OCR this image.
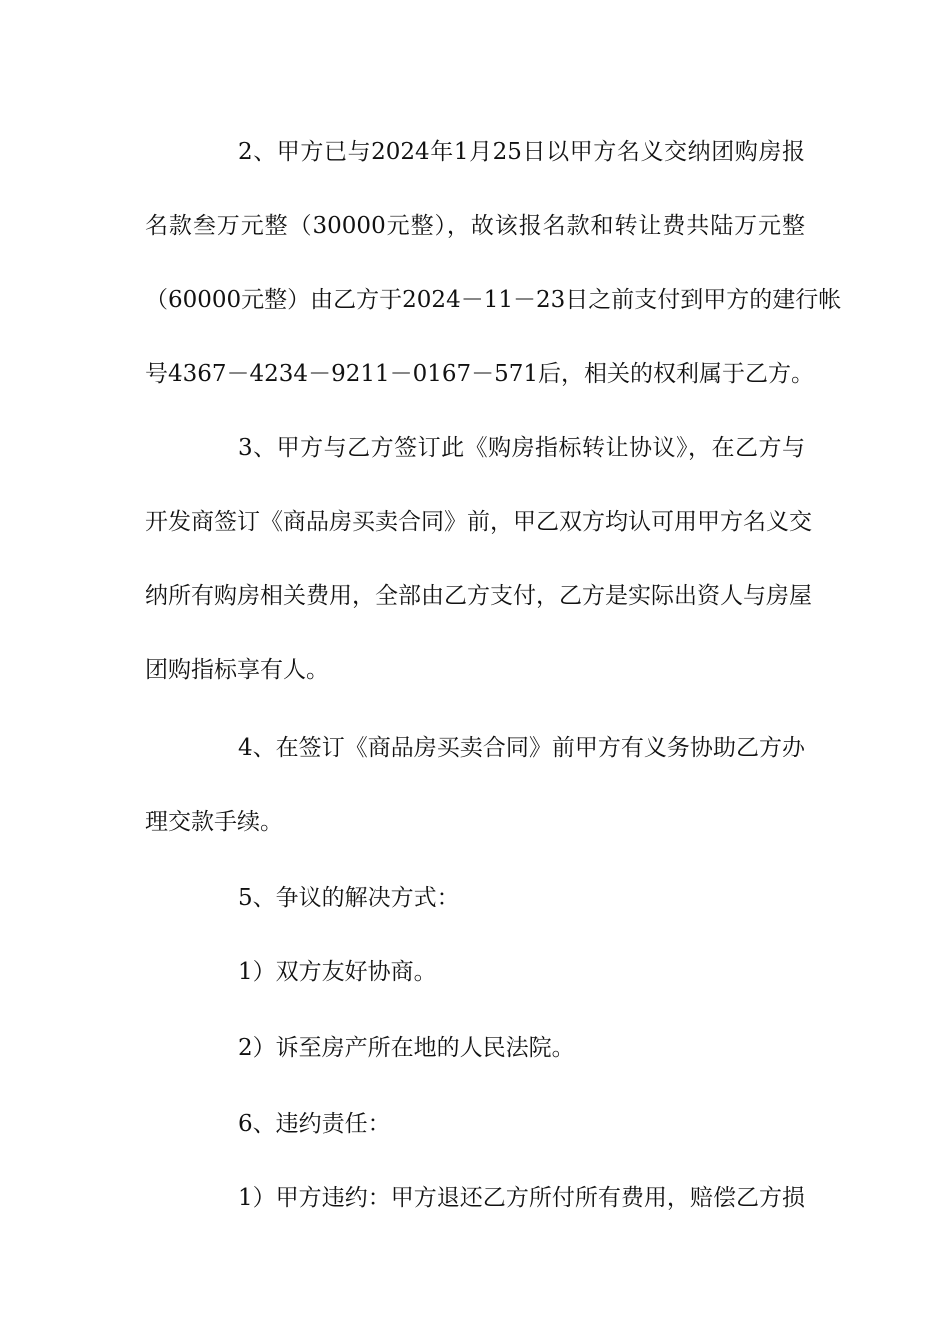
2、甲方已与2024年1月25日以甲方名义交纳团购房报
名款叁万元整（30000元整），故该报名款和转让费共陆万元整
（60000元整）由乙方于2024－11－23日之前支付到甲方的建行帐
号4367－4234－9211－0167－571后，相关的权利属于乙方。
3、甲方与乙方签订此《购房指标转让协议》，在乙方与
开发商签订《商品房买卖合同》前，甲乙双方均认可用甲方名义交
纳所有购房相关费用，全部由乙方支付，乙方是实际出资人与房屋
团购指标享有人。
4、在签订《商品房买卖合同》前甲方有义务协助乙方办
理交款手续。
5、争议的解决方式：
1）双方友好协商。
2）诉至房产所在地的人民法院。
6、违约责任：
1）甲方违约：甲方退还乙方所付所有费用，赔偿乙方损
